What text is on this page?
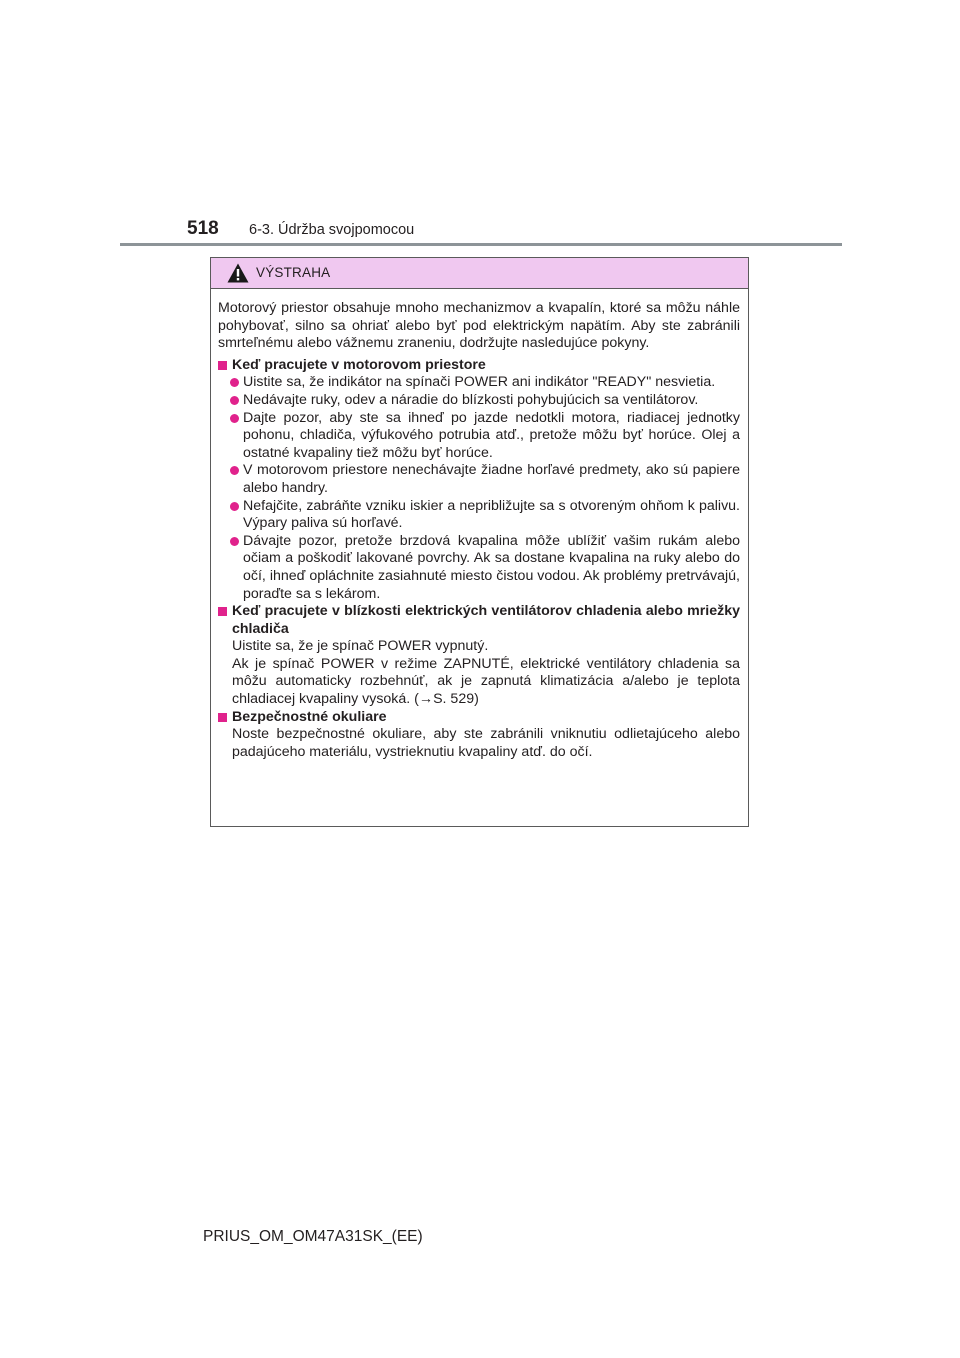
518 6-3. Údržba svojpomocou
VÝSTRAHA

Motorový priestor obsahuje mnoho mechanizmov a kvapalín, ktoré sa môžu náhle pohybovať, silno sa ohriať alebo byť pod elektrickým napätím. Aby ste zabránili smrteľnému alebo vážnemu zraneniu, dodržujte nasledujúce pokyny.

Keď pracujete v motorovom priestore

Uistite sa, že indikátor na spínači POWER ani indikátor "READY" nesvietia.

Nedávajte ruky, odev a náradie do blízkosti pohybujúcich sa ventilátorov.

Dajte pozor, aby ste sa ihneď po jazde nedotkli motora, riadiacej jednotky pohonu, chladiča, výfukového potrubia atď., pretože môžu byť horúce. Olej a ostatné kvapaliny tiež môžu byť horúce.

V motorovom priestore nenechávajte žiadne horľavé predmety, ako sú papiere alebo handry.

Nefajčite, zabráňte vzniku iskier a nepribližujte sa s otvoreným ohňom k palivu. Výpary paliva sú horľavé.

Dávajte pozor, pretože brzdová kvapalina môže ublížiť vašim rukám alebo očiam a poškodiť lakované povrchy. Ak sa dostane kvapalina na ruky alebo do očí, ihneď opláchnite zasiahnuté miesto čistou vodou. Ak problémy pretrvávajú, poraďte sa s lekárom.

Keď pracujete v blízkosti elektrických ventilátorov chladenia alebo mriežky chladiča

Uistite sa, že je spínač POWER vypnutý.

Ak je spínač POWER v režime ZAPNUTÉ, elektrické ventilátory chladenia sa môžu automaticky rozbehnúť, ak je zapnutá klimatizácia a/alebo je teplota chladiacej kvapaliny vysoká. (→S. 529)

Bezpečnostné okuliare

Noste bezpečnostné okuliare, aby ste zabránili vniknutiu odlietajúceho alebo padajúceho materiálu, vystrieknutiu kvapaliny atď. do očí.

PRIUS_OM_OM47A31SK_(EE)
